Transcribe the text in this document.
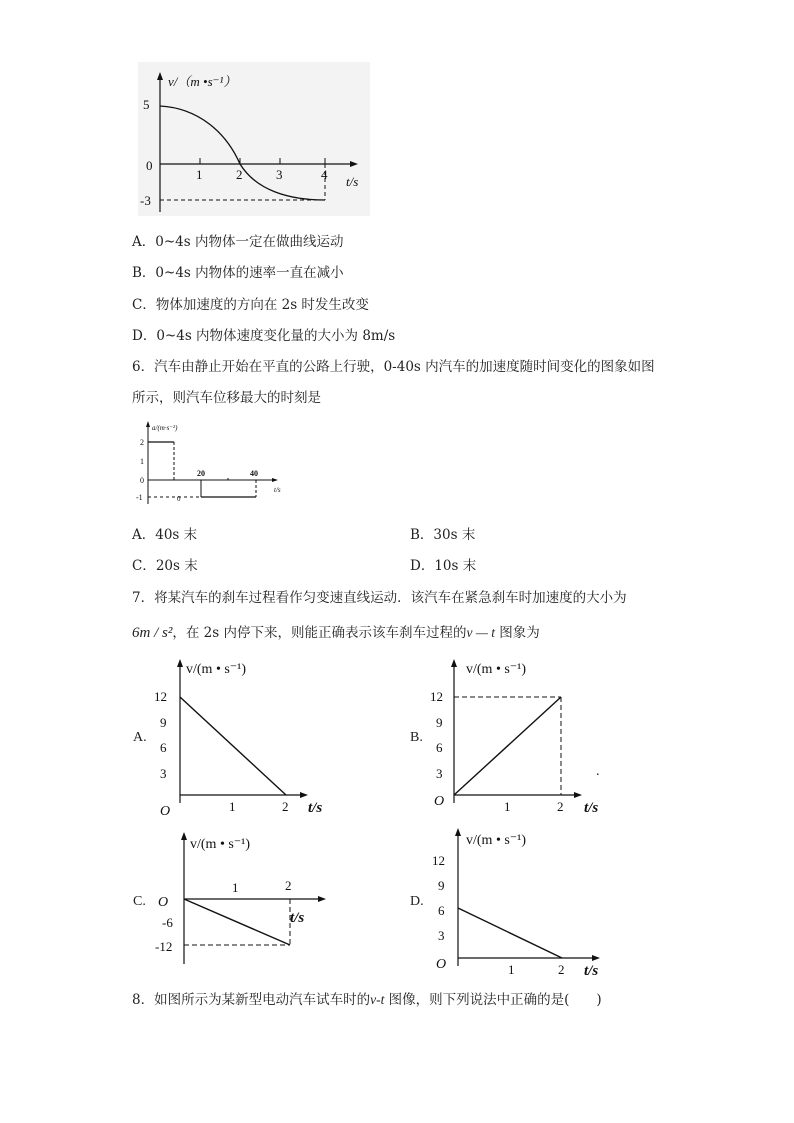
v/（m •s⁻¹）
t/s
5
0
-3
1	2	3	4
A．0~4s 内物体一定在做曲线运动
B．0~4s 内物体的速率一直在减小
C．物体加速度的方向在 2s 时发生改变
D．0~4s 内物体速度变化量的大小为 8m/s
6．汽车由静止开始在平直的公路上行驶，0-40s 内汽车的加速度随时间变化的图象如图
所示，则汽车位移最大的时刻是
a/(m·s⁻²)
t/s
2
1
0
-1
20	40
0
A．40s 末	B．30s 末
C．20s 末	D．10s 末
7．将某汽车的刹车过程看作匀变速直线运动．该汽车在紧急刹车时加速度的大小为
6m / s²，在 2s 内停下来，则能正确表示该车刹车过程的v — t 图象为
A.
v/(m • s⁻¹)
t/s
O
12
9
6
3
1	2
B.
v/(m • s⁻¹)
t/s
O
12
9
6
3
1	2
.
C.
v/(m • s⁻¹)
t/s
O
-6
-12
1	2
D.
v/(m • s⁻¹)
t/s
O
12
9
6
3
1	2
8．如图所示为某新型电动汽车试车时的v-t 图像，则下列说法中正确的是(　　)
